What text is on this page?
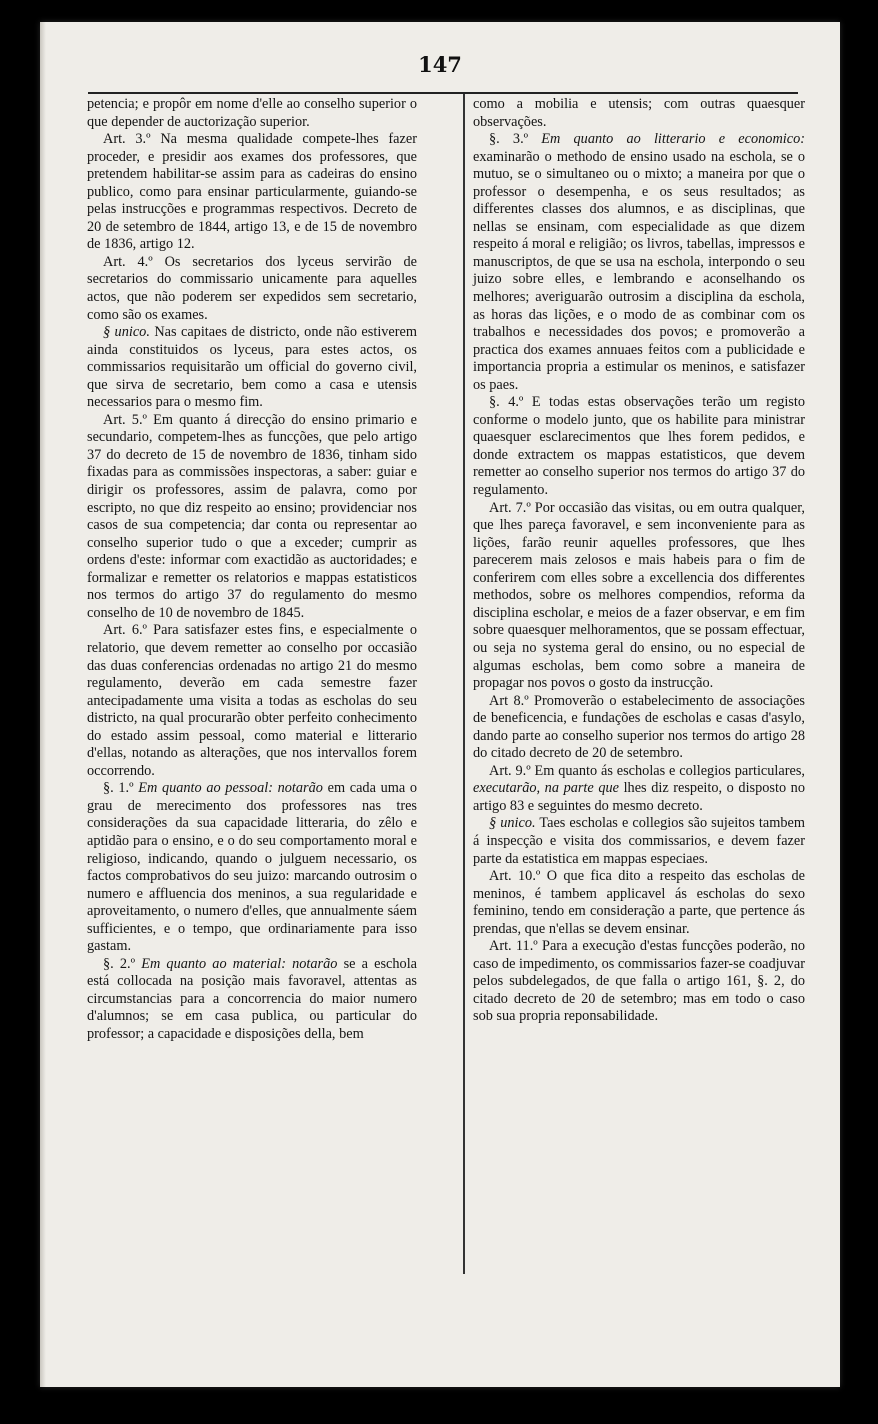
147

petencia; e propôr em nome d'elle ao conselho superior o que depender de auctorização superior.

Art. 3.º Na mesma qualidade compete-lhes fazer proceder, e presidir aos exames dos professores, que pretendem habilitar-se assim para as cadeiras do ensino publico, como para ensinar particularmente, guiando-se pelas instrucções e programmas respectivos. Decreto de 20 de setembro de 1844, artigo 13, e de 15 de novembro de 1836, artigo 12.

Art. 4.º Os secretarios dos lyceus servirão de secretarios do commissario unicamente para aquelles actos, que não poderem ser expedidos sem secretario, como são os exames.

§ unico. Nas capitaes de districto, onde não estiverem ainda constituidos os lyceus, para estes actos, os commissarios requisitarão um official do governo civil, que sirva de secretario, bem como a casa e utensis necessarios para o mesmo fim.

Art. 5.º Em quanto á direcção do ensino primario e secundario, competem-lhes as funcções, que pelo artigo 37 do decreto de 15 de novembro de 1836, tinham sido fixadas para as commissões inspectoras, a saber: guiar e dirigir os professores, assim de palavra, como por escripto, no que diz respeito ao ensino; providenciar nos casos de sua competencia; dar conta ou representar ao conselho superior tudo o que a exceder; cumprir as ordens d'este: informar com exactidão as auctoridades; e formalizar e remetter os relatorios e mappas estatisticos nos termos do artigo 37 do regulamento do mesmo conselho de 10 de novembro de 1845.

Art. 6.º Para satisfazer estes fins, e especialmente o relatorio, que devem remetter ao conselho por occasião das duas conferencias ordenadas no artigo 21 do mesmo regulamento, deverão em cada semestre fazer antecipadamente uma visita a todas as escholas do seu districto, na qual procurarão obter perfeito conhecimento do estado assim pessoal, como material e litterario d'ellas, notando as alterações, que nos intervallos forem occorrendo.

§. 1.º Em quanto ao pessoal: notarão em cada uma o grau de merecimento dos professores nas tres considerações da sua capacidade litteraria, do zêlo e aptidão para o ensino, e o do seu comportamento moral e religioso, indicando, quando o julguem necessario, os factos comprobativos do seu juizo: marcando outrosim o numero e affluencia dos meninos, a sua regularidade e aproveitamento, o numero d'elles, que annualmente sáem sufficientes, e o tempo, que ordinariamente para isso gastam.

§. 2.º Em quanto ao material: notarão se a eschola está collocada na posição mais favoravel, attentas as circumstancias para a concorrencia do maior numero d'alumnos; se em casa publica, ou particular do professor; a capacidade e disposições della, bem

como a mobilia e utensis; com outras quaesquer observações.

§. 3.º Em quanto ao litterario e economico: examinarão o methodo de ensino usado na eschola, se o mutuo, se o simultaneo ou o mixto; a maneira por que o professor o desempenha, e os seus resultados; as differentes classes dos alumnos, e as disciplinas, que nellas se ensinam, com especialidade as que dizem respeito á moral e religião; os livros, tabellas, impressos e manuscriptos, de que se usa na eschola, interpondo o seu juizo sobre elles, e lembrando e aconselhando os melhores; averiguarão outrosim a disciplina da eschola, as horas das lições, e o modo de as combinar com os trabalhos e necessidades dos povos; e promoverão a practica dos exames annuaes feitos com a publicidade e importancia propria a estimular os meninos, e satisfazer os paes.

§. 4.º E todas estas observações terão um registo conforme o modelo junto, que os habilite para ministrar quaesquer esclarecimentos que lhes forem pedidos, e donde extractem os mappas estatisticos, que devem remetter ao conselho superior nos termos do artigo 37 do regulamento.

Art. 7.º Por occasião das visitas, ou em outra qualquer, que lhes pareça favoravel, e sem inconveniente para as lições, farão reunir aquelles professores, que lhes parecerem mais zelosos e mais habeis para o fim de conferirem com elles sobre a excellencia dos differentes methodos, sobre os melhores compendios, reforma da disciplina escholar, e meios de a fazer observar, e em fim sobre quaesquer melhoramentos, que se possam effectuar, ou seja no systema geral do ensino, ou no especial de algumas escholas, bem como sobre a maneira de propagar nos povos o gosto da instrucção.

Art 8.º Promoverão o estabelecimento de associações de beneficencia, e fundações de escholas e casas d'asylo, dando parte ao conselho superior nos termos do artigo 28 do citado decreto de 20 de setembro.

Art. 9.º Em quanto ás escholas e collegios particulares, executarão, na parte que lhes diz respeito, o disposto no artigo 83 e seguintes do mesmo decreto.

§ unico. Taes escholas e collegios são sujeitos tambem á inspecção e visita dos commissarios, e devem fazer parte da estatistica em mappas especiaes.

Art. 10.º O que fica dito a respeito das escholas de meninos, é tambem applicavel ás escholas do sexo feminino, tendo em consideração a parte, que pertence ás prendas, que n'ellas se devem ensinar.

Art. 11.º Para a execução d'estas funcções poderão, no caso de impedimento, os commissarios fazer-se coadjuvar pelos subdelegados, de que falla o artigo 161, §. 2, do citado decreto de 20 de setembro; mas em todo o caso sob sua propria reponsabilidade.
